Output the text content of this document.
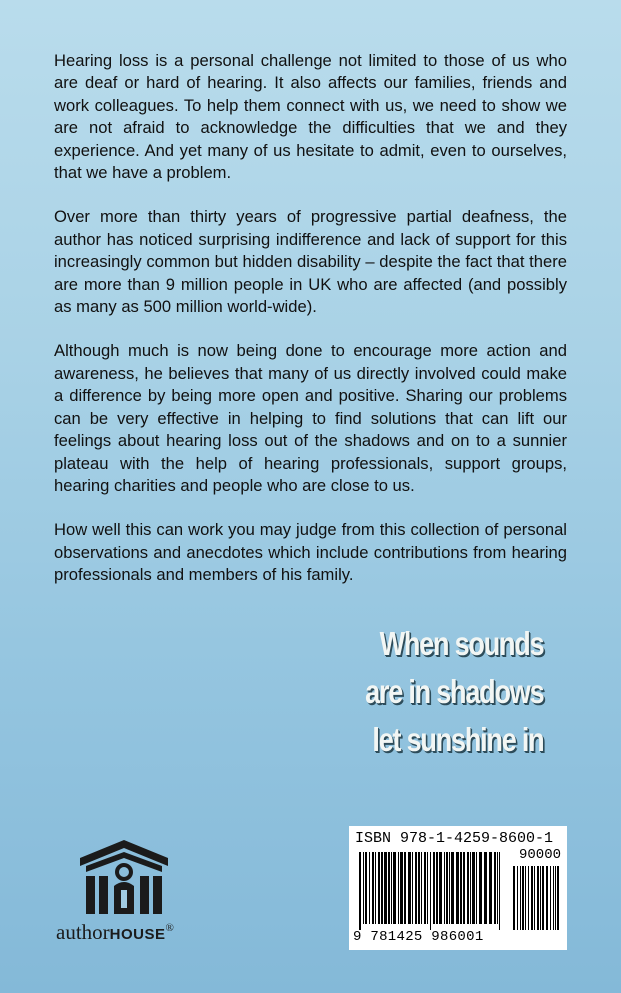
Hearing loss is a personal challenge not limited to those of us who are deaf or hard of hearing. It also affects our families, friends and work colleagues. To help them connect with us, we need to show we are not afraid to acknowledge the difficulties that we and they experience. And yet many of us hesitate to admit, even to ourselves, that we have a problem.

Over more than thirty years of progressive partial deafness, the author has noticed surprising indifference and lack of support for this increasingly common but hidden disability – despite the fact that there are more than 9 million people in UK who are affected (and possibly as many as 500 million world-wide).

Although much is now being done to encourage more action and awareness, he believes that many of us directly involved could make a difference by being more open and positive. Sharing our problems can be very effective in helping to find solutions that can lift our feelings about hearing loss out of the shadows and on to a sunnier plateau with the help of hearing professionals, support groups, hearing charities and people who are close to us.

How well this can work you may judge from this collection of personal observations and anecdotes which include contributions from hearing professionals and members of his family.

When sounds
are in shadows
let sunshine in
authorHOUSE®
ISBN 978-1-4259-8600-1
90000
9 781425 986001
